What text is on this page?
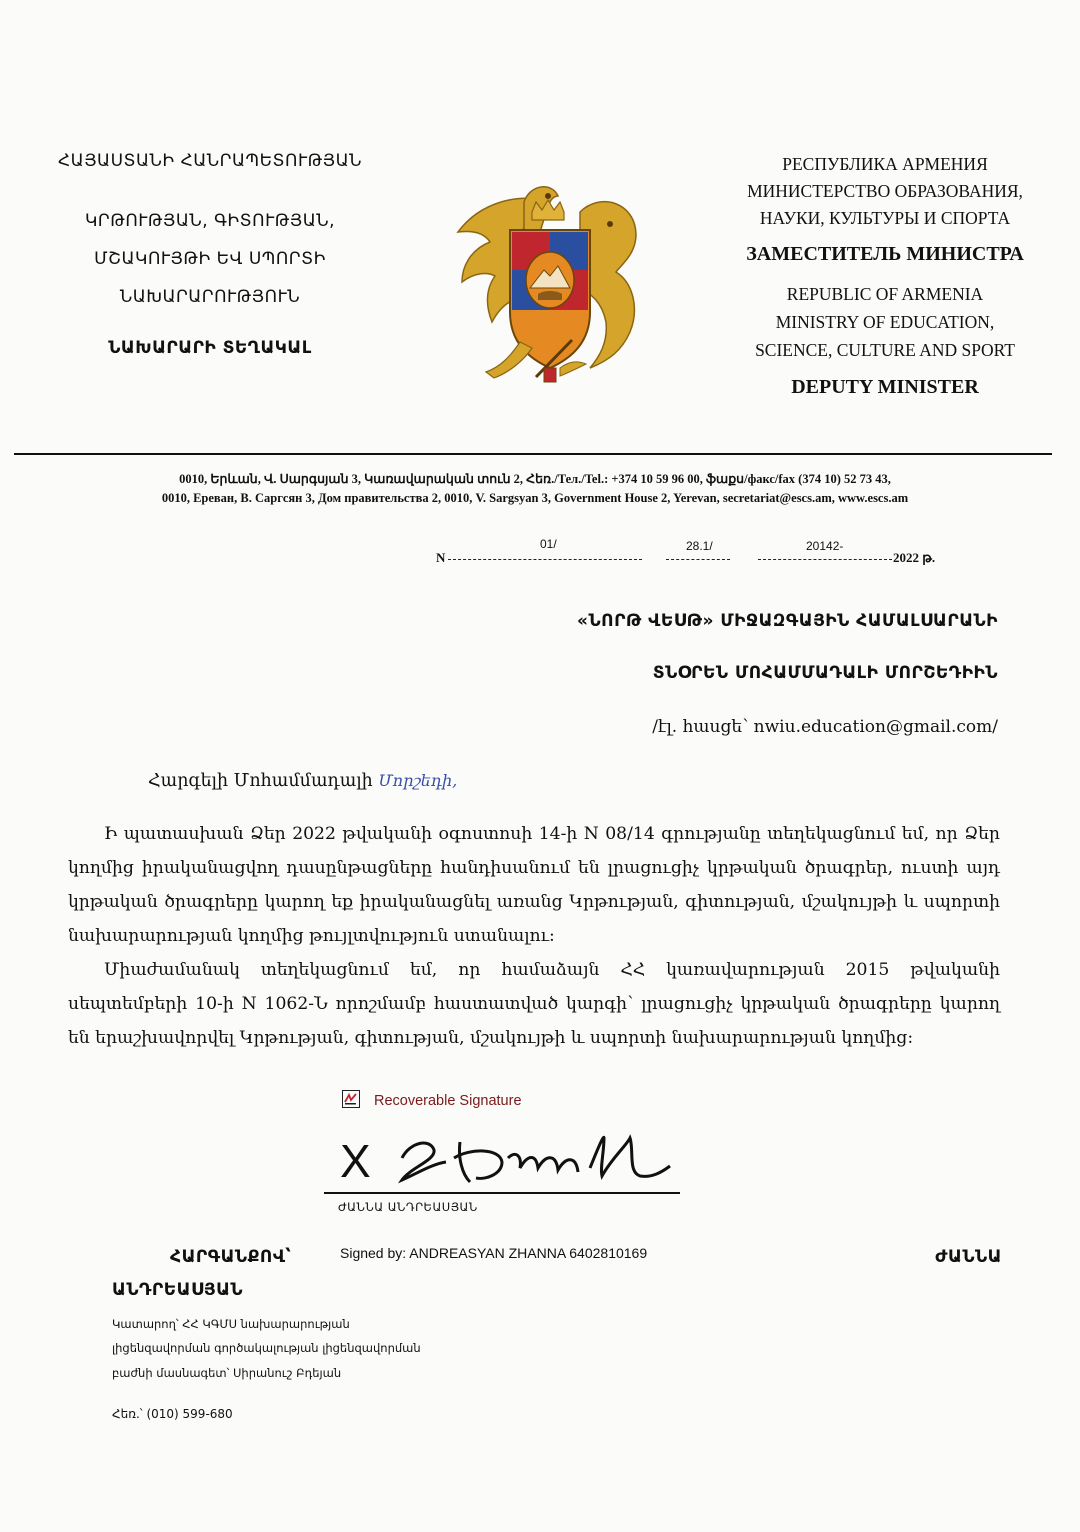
ՀԱՅԱՍՏԱՆԻ ՀԱՆՐԱՊԵՏՈՒԹՅԱՆ
ԿՐԹՈՒԹՅԱՆ, ԳԻՏՈՒԹՅԱՆ,
ՄՇԱԿՈՒՅԹԻ ԵՎ ՍՊՈՐՏԻ
ՆԱԽԱՐԱՐՈՒԹՅՈՒՆ
ՆԱԽԱՐԱՐԻ ՏԵՂԱԿԱԼ
РЕСПУБЛИКА АРМЕНИЯ
МИНИСТЕРСТВО ОБРАЗОВАНИЯ,
НАУКИ, КУЛЬТУРЫ И СПОРТА
ЗАМЕСТИТЕЛЬ МИНИСТРА
REPUBLIC OF ARMENIA
MINISTRY OF EDUCATION,
SCIENCE, CULTURE AND SPORT
DEPUTY MINISTER
0010, Երևան, Վ. Սարգսյան 3, Կառավարական տուն 2, Հեռ./Тел./Tel.: +374 10 59 96 00, ֆաքս/факс/fax (374 10) 52 73 43,
0010, Ереван, В. Саргсян 3, Дом правительства 2, 0010, V. Sargsyan 3, Government House 2, Yerevan, secretariat@escs.am, www.escs.am
01/	28.1/	20142-
N	2022 թ.
«ՆՈՐԹ ՎԵՍԹ» ՄԻՋԱԶԳԱՅԻՆ ՀԱՄԱԼՍԱՐԱՆԻ
ՏՆՕՐԵՆ ՄՈՀԱՄՄԱԴԱԼԻ ՄՈՐՇԵԴԻԻՆ
/էլ. հասցե՝ nwiu.education@gmail.com/
Հարգելի Մոհամմադալի Մորշեդի,

Ի պատասխան Ձեր 2022 թվականի օգոստոսի 14-ի N 08/14 գրությանը տեղեկացնում եմ, որ Ձեր կողմից իրականացվող դասընթացները հանդիսանում են լրացուցիչ կրթական ծրագրեր, ուստի այդ կրթական ծրագրերը կարող եք իրականացնել առանց Կրթության, գիտության, մշակույթի և սպորտի նախարարության կողմից թույլտվություն ստանալու:

Միաժամանակ տեղեկացնում եմ, որ համաձայն ՀՀ կառավարության 2015 թվականի սեպտեմբերի 10-ի N 1062-Ն որոշմամբ հաստատված կարգի՝ լրացուցիչ կրթական ծրագրերը կարող են երաշխավորվել Կրթության, գիտության, մշակույթի և սպորտի նախարարության կողմից:

Recoverable Signature
X
ԺԱՆՆԱ ԱՆԴՐԵԱՍՅԱՆ
Signed by: ANDREASYAN ZHANNA 6402810169
ՀԱՐԳԱՆՔՈՎ՝	ԺԱՆՆԱ
ԱՆԴՐԵԱՍՅԱՆ
Կատարող՝ ՀՀ ԿԳՄՍ նախարարության
լիցենզավորման գործակալության լիցենզավորման
բաժնի մասնագետ՝ Սիրանուշ Բդեյան
Հեռ.՝ (010) 599-680
